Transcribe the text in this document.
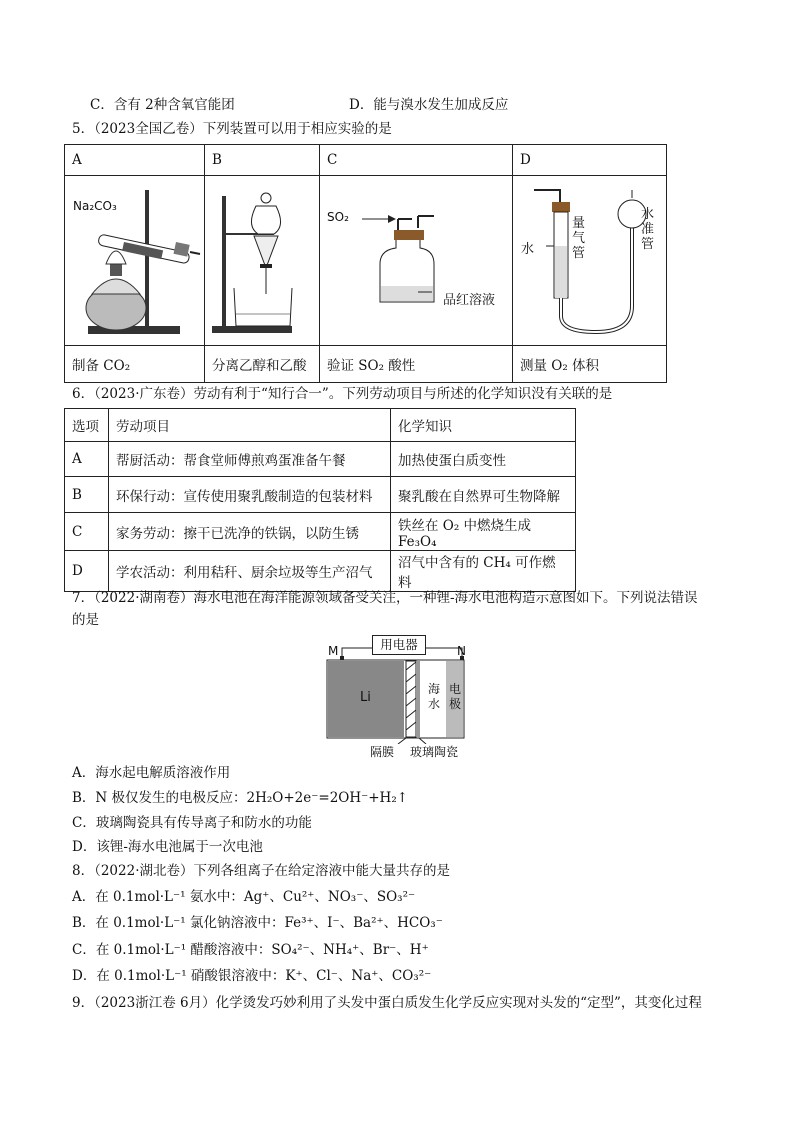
C．含有 2种含氧官能团	D．能与溴水发生加成反应
5．（2023全国乙卷）下列装置可以用于相应实验的是
A	B	C	D

制备 CO₂	分离乙醇和乙酸	验证 SO₂ 酸性	测量 O₂ 体积
Na₂CO₃
SO₂
品红溶液
水
量气管
水准管
6．（2023·广东卷）劳动有利于“知行合一”。下列劳动项目与所述的化学知识没有关联的是
选项	劳动项目	化学知识
A	帮厨活动：帮食堂师傅煎鸡蛋准备午餐	加热使蛋白质变性
B	环保行动：宣传使用聚乳酸制造的包装材料	聚乳酸在自然界可生物降解
C	家务劳动：擦干已洗净的铁锅，以防生锈	铁丝在 O₂ 中燃烧生成 Fe₃O₄
D	学农活动：利用秸秆、厨余垃圾等生产沼气	沼气中含有的 CH₄ 可作燃料
7．（2022·湖南卷）海水电池在海洋能源领域备受关注，一种锂-海水电池构造示意图如下。下列说法错误
的是
用电器
M	N
Li
海水
电极
隔膜 玻璃陶瓷
A．海水起电解质溶液作用
B．N 极仅发生的电极反应：2H₂O+2e⁻=2OH⁻+H₂↑
C．玻璃陶瓷具有传导离子和防水的功能
D．该锂-海水电池属于一次电池
8．（2022·湖北卷）下列各组离子在给定溶液中能大量共存的是
A．在 0.1mol·L⁻¹ 氨水中：Ag⁺、Cu²⁺、NO₃⁻、SO₃²⁻
B．在 0.1mol·L⁻¹ 氯化钠溶液中：Fe³⁺、I⁻、Ba²⁺、HCO₃⁻
C．在 0.1mol·L⁻¹ 醋酸溶液中：SO₄²⁻、NH₄⁺、Br⁻、H⁺
D．在 0.1mol·L⁻¹ 硝酸银溶液中：K⁺、Cl⁻、Na⁺、CO₃²⁻
9．（2023浙江卷 6月）化学烫发巧妙利用了头发中蛋白质发生化学反应实现对头发的“定型”，其变化过程
